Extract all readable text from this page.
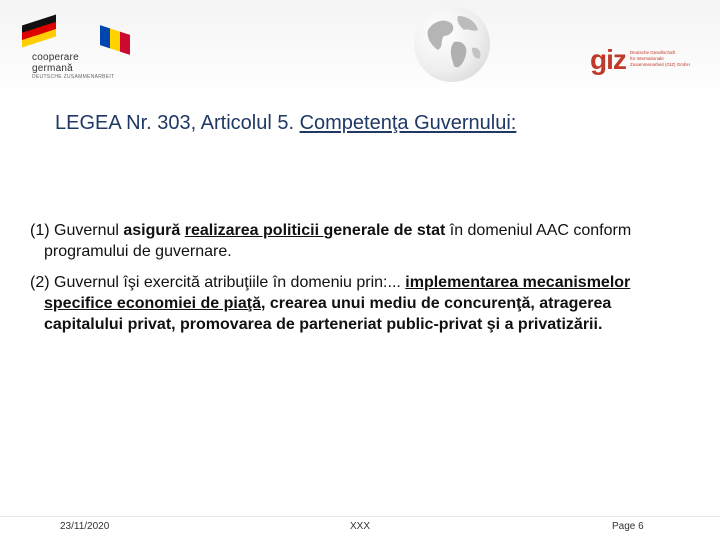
cooperare
germană
DEUTSCHE ZUSAMMENARBEIT
giz Deutsche Gesellschaft
für Internationale
Zusammenarbeit (GIZ) GmbH
LEGEA Nr. 303, Articolul 5. Competenţa Guvernului:

(1) Guvernul asigură realizarea politicii generale de stat în domeniul AAC conform programului de guvernare.

(2) Guvernul îşi exercită atribuţiile în domeniu prin:... implementarea mecanismelor specifice economiei de piaţă, crearea unui mediu de concurenţă, atragerea capitalului privat, promovarea de parteneriat public-privat şi a privatizării.

23/11/2020	XXX	Page 6
